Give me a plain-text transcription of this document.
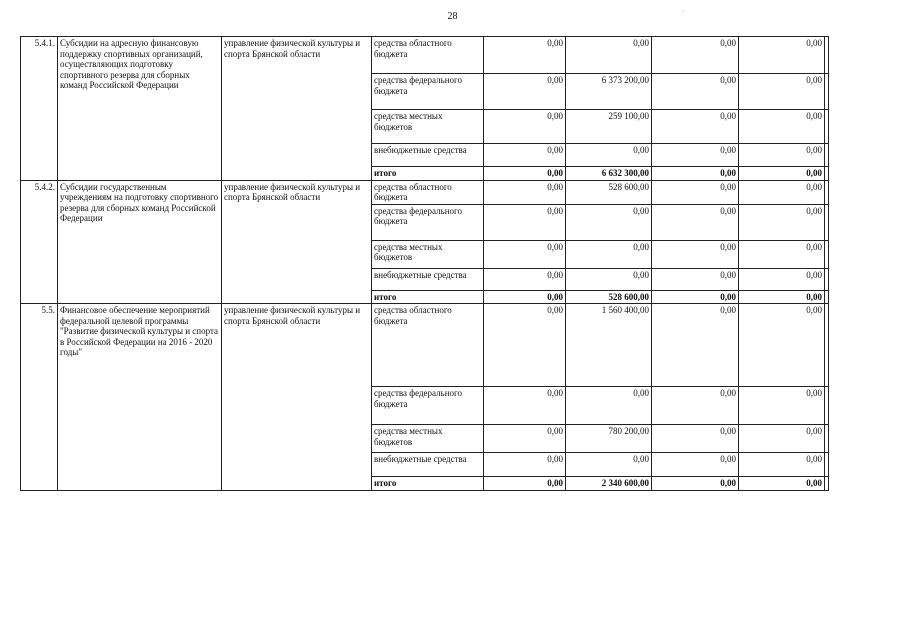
28	·
5.4.1.	Субсидии на адресную финансовую поддержку спортивных организаций, осуществляющих подготовку спортивного резерва для сборных команд Российской Федерации	управление физической культуры и спорта Брянской области	средства областного бюджета	0,00	0,00	0,00	0,00	
			средства федерального бюджета	0,00	6 373 200,00	0,00	0,00	
			средства местных бюджетов	0,00	259 100,00	0,00	0,00	
			внебюджетные средства	0,00	0,00	0,00	0,00	
			итого	0,00	6 632 300,00	0,00	0,00	
5.4.2.	Субсидии государственным учреждениям на подготовку спортивного резерва для сборных команд Российской Федерации	управление физической культуры и спорта Брянской области	средства областного бюджета	0,00	528 600,00	0,00	0,00	
			средства федерального бюджета	0,00	0,00	0,00	0,00	
			средства местных бюджетов	0,00	0,00	0,00	0,00	
			внебюджетные средства	0,00	0,00	0,00	0,00	
			итого	0,00	528 600,00	0,00	0,00	
5.5.	Финансовое обеспечение мероприятий федеральной целевой программы "Развитие физической культуры и спорта в Российской Федерации на 2016 - 2020 годы"	управление физической культуры и спорта Брянской области	средства областного бюджета	0,00	1 560 400,00	0,00	0,00	
			средства федерального бюджета	0,00	0,00	0,00	0,00	
			средства местных бюджетов	0,00	780 200,00	0,00	0,00	
			внебюджетные средства	0,00	0,00	0,00	0,00	
			итого	0,00	2 340 600,00	0,00	0,00	
